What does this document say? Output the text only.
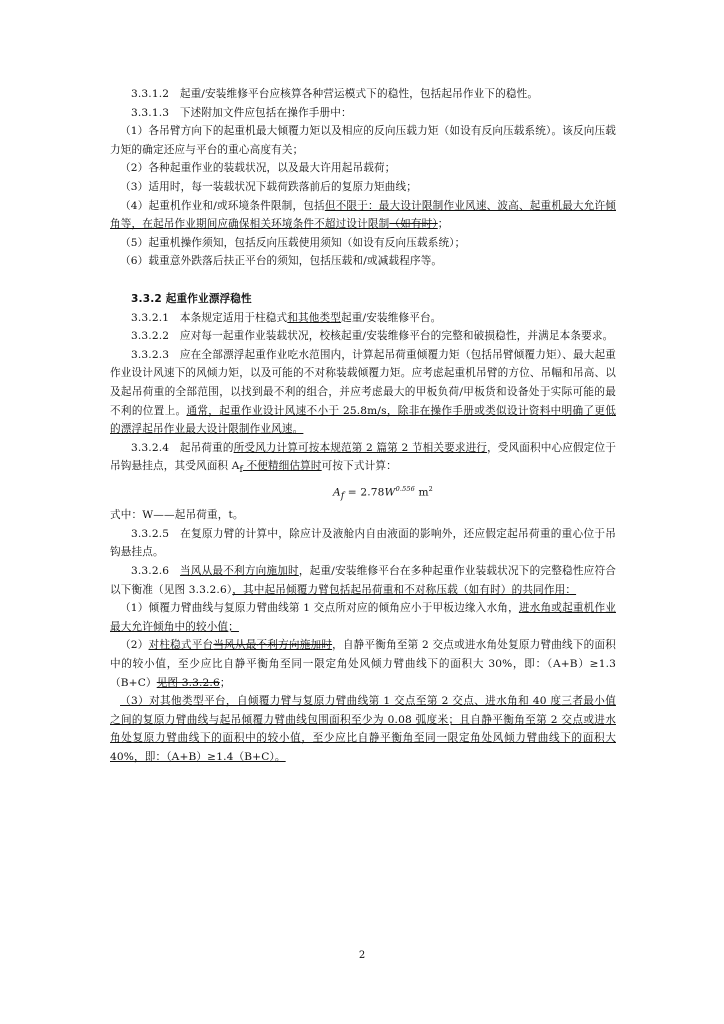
3.3.1.2　起重/安装维修平台应核算各种营运模式下的稳性，包括起吊作业下的稳性。

3.3.1.3　下述附加文件应包括在操作手册中：

（1）各吊臂方向下的起重机最大倾覆力矩以及相应的反向压载力矩（如设有反向压载系统）。该反向压载力矩的确定还应与平台的重心高度有关；

（2）各种起重作业的装载状况，以及最大许用起吊载荷；

（3）适用时，每一装载状况下载荷跌落前后的复原力矩曲线；

（4）起重机作业和/或环境条件限制，包括但不限于：最大设计限制作业风速、波高、起重机最大允许倾角等，在起吊作业期间应确保相关环境条件不超过设计限制（如有时）；

（5）起重机操作须知，包括反向压载使用须知（如设有反向压载系统）；

（6）载重意外跌落后扶正平台的须知，包括压载和/或减载程序等。

3.3.2 起重作业漂浮稳性

3.3.2.1　本条规定适用于柱稳式和其他类型起重/安装维修平台。

3.3.2.2　应对每一起重作业装载状况，校核起重/安装维修平台的完整和破损稳性，并满足本条要求。

3.3.2.3　应在全部漂浮起重作业吃水范围内，计算起吊荷重倾覆力矩（包括吊臂倾覆力矩）、最大起重作业设计风速下的风倾力矩，以及可能的不对称装载倾覆力矩。应考虑起重机吊臂的方位、吊幅和吊高、以及起吊荷重的全部范围，以找到最不利的组合，并应考虑最大的甲板负荷/甲板货和设备处于实际可能的最不利的位置上。通常，起重作业设计风速不小于 25.8m/s，除非在操作手册或类似设计资料中明确了更低的漂浮起吊作业最大设计限制作业风速。

3.3.2.4　起吊荷重的所受风力计算可按本规范第 2 篇第 2 节相关要求进行，受风面积中心应假定位于吊钩悬挂点，其受风面积 $A_f$ 不便精细估算时可按下式计算：

$A_f = 2.78W^{0.556}$ $m^2$

式中：W——起吊荷重，t。

3.3.2.5　在复原力臂的计算中，除应计及液舱内自由液面的影响外，还应假定起吊荷重的重心位于吊钩悬挂点。

3.3.2.6　当风从最不利方向施加时，起重/安装维修平台在多种起重作业装载状况下的完整稳性应符合以下衡准（见图 3.3.2.6），其中起吊倾覆力臂包括起吊荷重和不对称压载（如有时）的共同作用：

（1）倾覆力臂曲线与复原力臂曲线第 1 交点所对应的倾角应小于甲板边缘入水角，进水角或起重机作业最大允许倾角中的较小值；

（2）对柱稳式平台当风从最不利方向施加时，自静平衡角至第 2 交点或进水角处复原力臂曲线下的面积中的较小值，至少应比自静平衡角至同一限定角处风倾力臂曲线下的面积大 30%，即：（A+B）≥1.3（B+C）见图 3.3.2.6；

（3）对其他类型平台，自倾覆力臂与复原力臂曲线第 1 交点至第 2 交点、进水角和 40 度三者最小值之间的复原力臂曲线与起吊倾覆力臂曲线包围面积至少为 0.08 弧度米；且自静平衡角至第 2 交点或进水角处复原力臂曲线下的面积中的较小值，至少应比自静平衡角至同一限定角处风倾力臂曲线下的面积大 40%，即：（A+B）≥1.4（B+C）。

2
